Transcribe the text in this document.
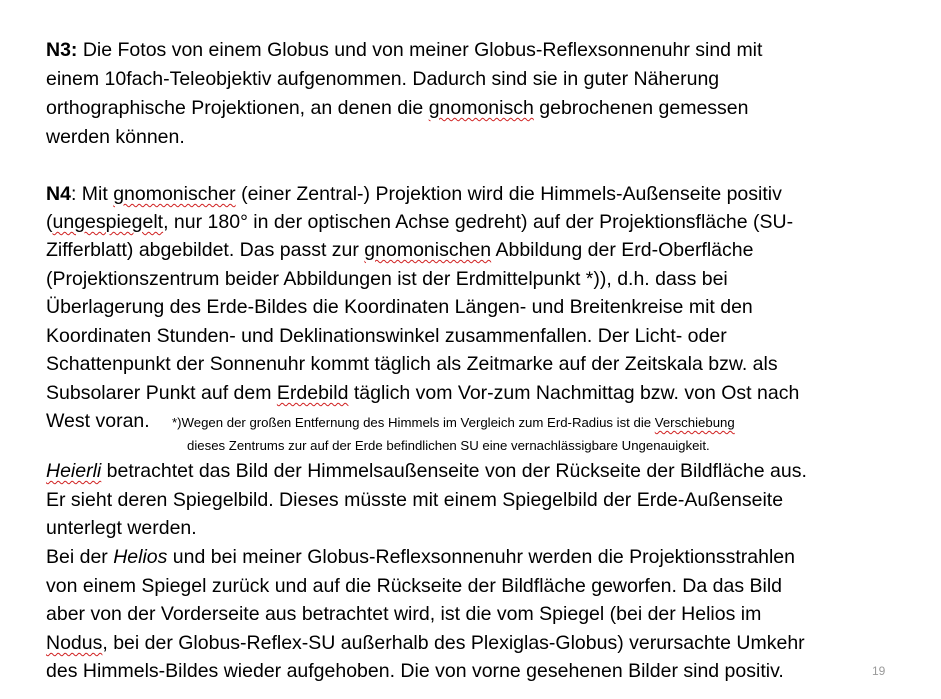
N3: Die Fotos von einem Globus und von meiner Globus-Reflexsonnenuhr sind mit
einem 10fach-Teleobjektiv aufgenommen. Dadurch sind sie in guter Näherung
orthographische Projektionen, an denen die gnomonisch gebrochenen gemessen
werden können.
N4: Mit gnomonischer (einer Zentral-) Projektion wird die Himmels-Außenseite positiv
(ungespiegelt, nur 180° in der optischen Achse gedreht) auf der Projektionsfläche (SU-
Zifferblatt) abgebildet. Das passt zur gnomonischen Abbildung der Erd-Oberfläche
(Projektionszentrum beider Abbildungen ist der Erdmittelpunkt *)), d.h. dass bei
Überlagerung des Erde-Bildes die Koordinaten Längen- und Breitenkreise mit den
Koordinaten Stunden- und Deklinationswinkel zusammenfallen. Der Licht- oder
Schattenpunkt der Sonnenuhr kommt täglich als Zeitmarke auf der Zeitskala bzw. als
Subsolarer Punkt auf dem Erdebild täglich vom Vor-zum Nachmittag bzw. von Ost nach
West voran. *)Wegen der großen Entfernung des Himmels im Vergleich zum Erd-Radius ist die Verschiebung
dieses Zentrums zur auf der Erde befindlichen SU eine vernachlässigbare Ungenauigkeit.
Heierli betrachtet das Bild der Himmelsaußenseite von der Rückseite der Bildfläche aus.
Er sieht deren Spiegelbild. Dieses müsste mit einem Spiegelbild der Erde-Außenseite
unterlegt werden.
Bei der Helios und bei meiner Globus-Reflexsonnenuhr werden die Projektionsstrahlen
von einem Spiegel zurück und auf die Rückseite der Bildfläche geworfen. Da das Bild
aber von der Vorderseite aus betrachtet wird, ist die vom Spiegel (bei der Helios im
Nodus, bei der Globus-Reflex-SU außerhalb des Plexiglas-Globus) verursachte Umkehr
des Himmels-Bildes wieder aufgehoben. Die von vorne gesehenen Bilder sind positiv.	19
